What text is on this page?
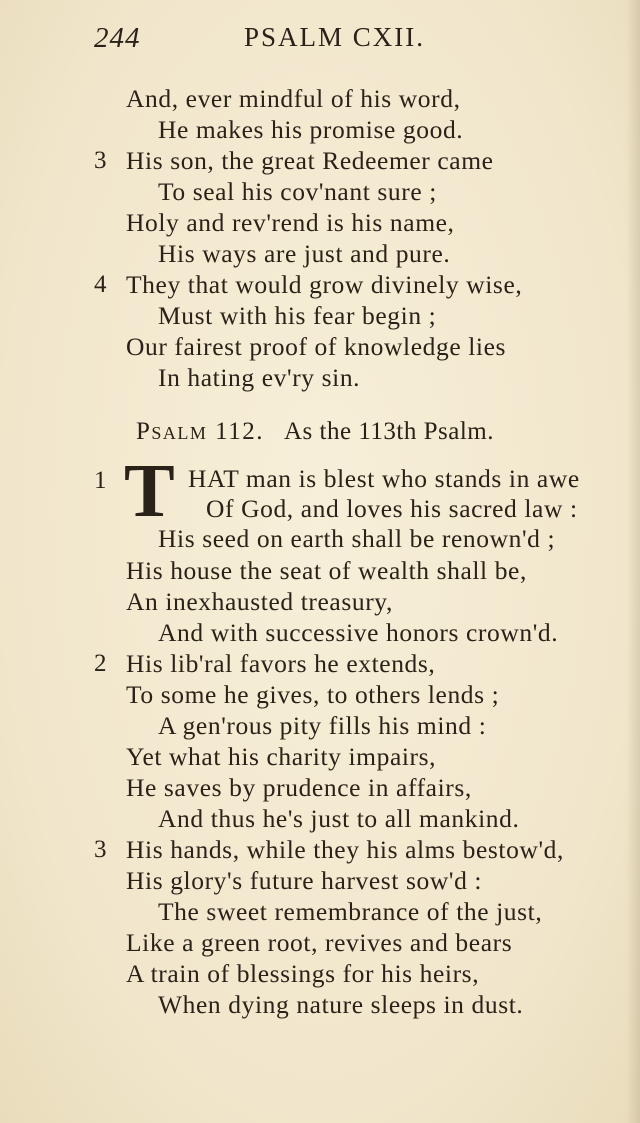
244	PSALM CXII.
And, ever mindful of his word,
He makes his promise good.
3 His son, the great Redeemer came
To seal his cov'nant sure ;
Holy and rev'rend is his name,
His ways are just and pure.
4 They that would grow divinely wise,
Must with his fear begin ;
Our fairest proof of knowledge lies
In hating ev'ry sin.
Psalm 112. As the 113th Psalm.
1 T HAT man is blest who stands in awe
Of God, and loves his sacred law :
His seed on earth shall be renown'd ;
His house the seat of wealth shall be,
An inexhausted treasury,
And with successive honors crown'd.
2 His lib'ral favors he extends,
To some he gives, to others lends ;
A gen'rous pity fills his mind :
Yet what his charity impairs,
He saves by prudence in affairs,
And thus he's just to all mankind.
3 His hands, while they his alms bestow'd,
His glory's future harvest sow'd :
The sweet remembrance of the just,
Like a green root, revives and bears
A train of blessings for his heirs,
When dying nature sleeps in dust.
